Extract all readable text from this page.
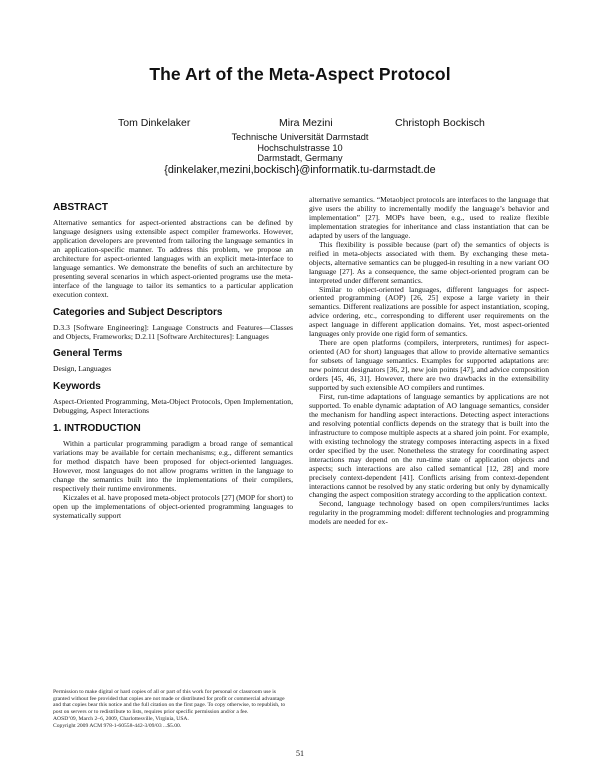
The Art of the Meta-Aspect Protocol
Tom Dinkelaker	Mira Mezini	Christoph Bockisch
Technische Universität Darmstadt
Hochschulstrasse 10
Darmstadt, Germany
{dinkelaker,mezini,bockisch}@informatik.tu-darmstadt.de
ABSTRACT

Alternative semantics for aspect-oriented abstractions can be defined by language designers using extensible aspect compiler frameworks. However, application developers are prevented from tailoring the language semantics in an application-specific manner. To address this problem, we propose an architecture for aspect-oriented languages with an explicit meta-interface to language semantics. We demonstrate the benefits of such an architecture by presenting several scenarios in which aspect-oriented programs use the meta-interface of the language to tailor its semantics to a particular application execution context.

Categories and Subject Descriptors

D.3.3 [Software Engineering]: Language Constructs and Features—Classes and Objects, Frameworks; D.2.11 [Software Architectures]: Languages

General Terms

Design, Languages

Keywords

Aspect-Oriented Programming, Meta-Object Protocols, Open Implementation, Debugging, Aspect Interactions

1. INTRODUCTION

Within a particular programming paradigm a broad range of semantical variations may be available for certain mechanisms; e.g., different semantics for method dispatch have been proposed for object-oriented languages. However, most languages do not allow programs written in the language to change the semantics built into the implementations of their compilers, respectively their runtime environments.

Kiczales et al. have proposed meta-object protocols [27] (MOP for short) to open up the implementations of object-oriented programming languages to systematically support

alternative semantics. “Metaobject protocols are interfaces to the language that give users the ability to incrementally modify the language’s behavior and implementation” [27]. MOPs have been, e.g., used to realize flexible implementation strategies for inheritance and class instantiation that can be adapted by users of the language.

This flexibility is possible because (part of) the semantics of objects is reified in meta-objects associated with them. By exchanging these meta-objects, alternative semantics can be plugged-in resulting in a new variant OO language [27]. As a consequence, the same object-oriented program can be interpreted under different semantics.

Similar to object-oriented languages, different languages for aspect-oriented programming (AOP) [26, 25] expose a large variety in their semantics. Different realizations are possible for aspect instantiation, scoping, advice ordering, etc., corresponding to different user requirements on the aspect language in different application domains. Yet, most aspect-oriented languages only provide one rigid form of semantics.

There are open platforms (compilers, interpreters, runtimes) for aspect-oriented (AO for short) languages that allow to provide alternative semantics for subsets of language semantics. Examples for supported adaptations are: new pointcut designators [36, 2], new join points [47], and advice composition orders [45, 46, 31]. However, there are two drawbacks in the extensibility supported by such extensible AO compilers and runtimes.

First, run-time adaptations of language semantics by applications are not supported. To enable dynamic adaptation of AO language semantics, consider the mechanism for handling aspect interactions. Detecting aspect interactions and resolving potential conflicts depends on the strategy that is built into the infrastructure to compose multiple aspects at a shared join point. For example, with existing technology the strategy composes interacting aspects in a fixed order specified by the user. Nonetheless the strategy for coordinating aspect interactions may depend on the run-time state of application objects and aspects; such interactions are also called semantical [12, 28] and more precisely context-dependent [41]. Conflicts arising from context-dependent interactions cannot be resolved by any static ordering but only by dynamically changing the aspect composition strategy according to the application context.

Second, language technology based on open compilers/runtimes lacks regularity in the programming model: different technologies and programming models are needed for ex-

Permission to make digital or hard copies of all or part of this work for personal or classroom use is granted without fee provided that copies are not made or distributed for profit or commercial advantage and that copies bear this notice and the full citation on the first page. To copy otherwise, to republish, to post on servers or to redistribute to lists, requires prior specific permission and/or a fee.

AOSD’09, March 2–6, 2009, Charlottesville, Virginia, USA.

Copyright 2009 ACM 978-1-60558-442-3/09/03 ...$5.00.

51
